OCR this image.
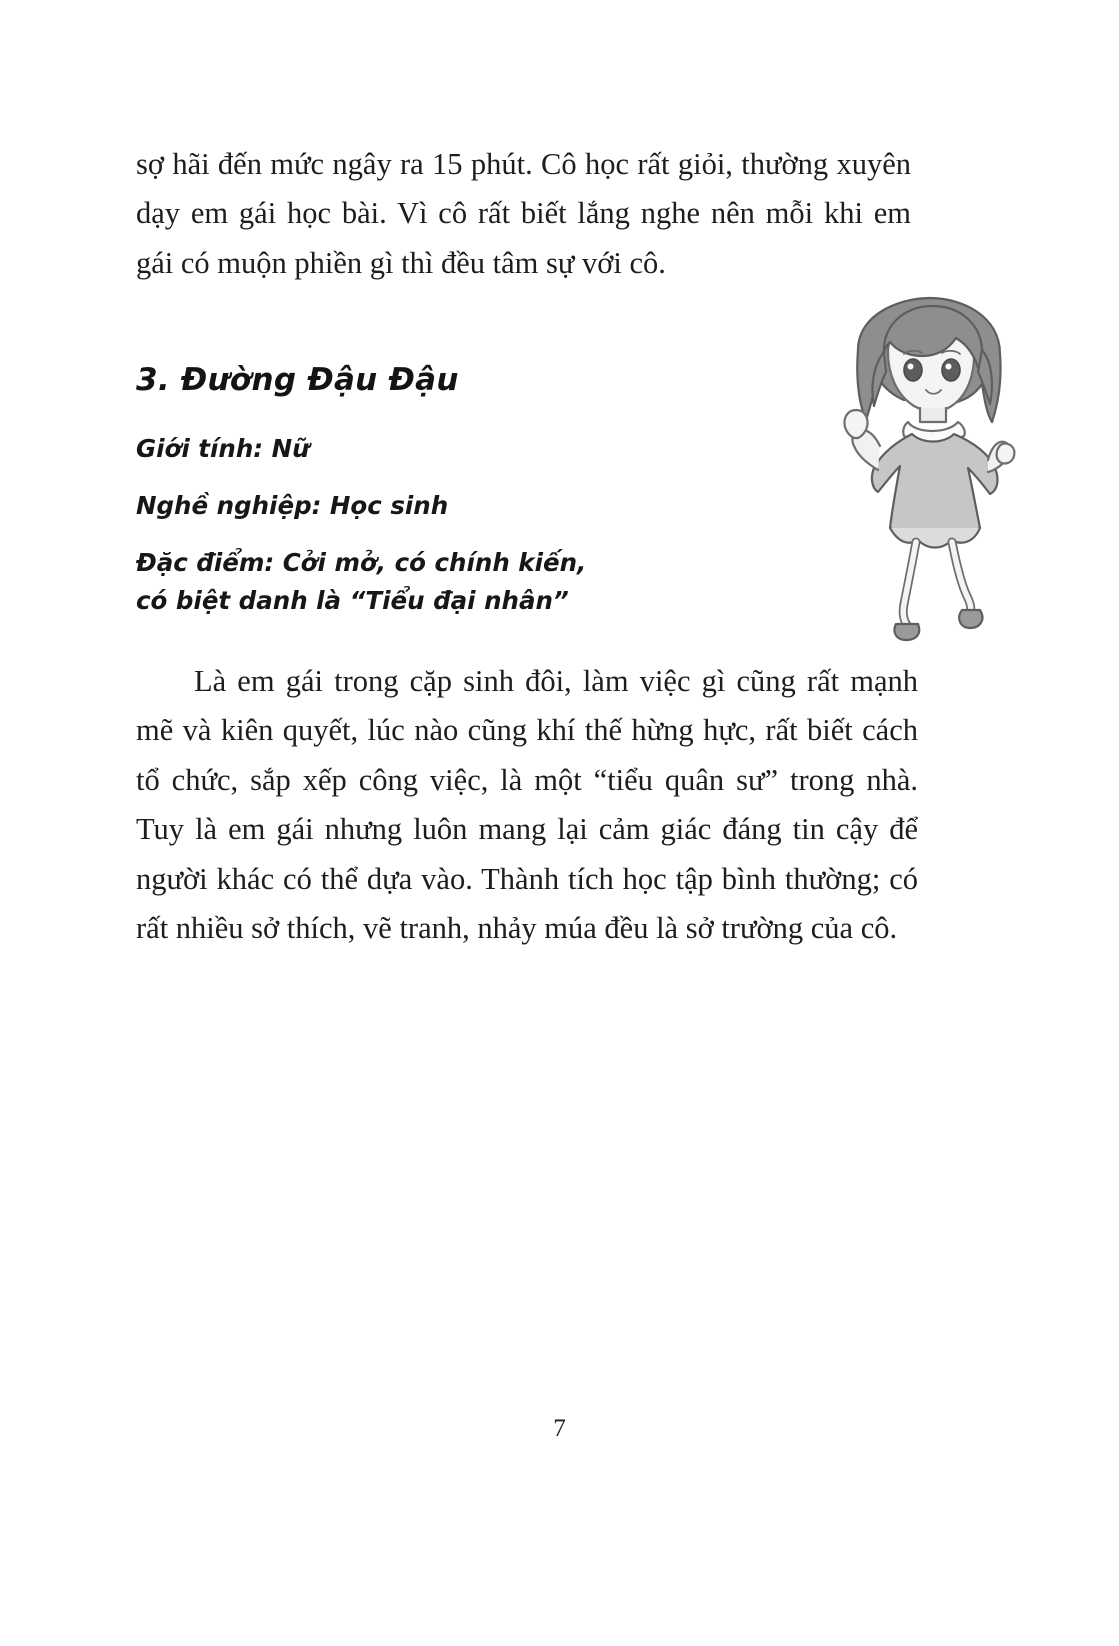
sợ hãi đến mức ngây ra 15 phút. Cô học rất giỏi, thường xuyên dạy em gái học bài. Vì cô rất biết lắng nghe nên mỗi khi em gái có muộn phiền gì thì đều tâm sự với cô.

3. Đường Đậu Đậu

Giới tính: Nữ

Nghề nghiệp: Học sinh

Đặc điểm: Cởi mở, có chính kiến,

có biệt danh là “Tiểu đại nhân”

Là em gái trong cặp sinh đôi, làm việc gì cũng rất mạnh mẽ và kiên quyết, lúc nào cũng khí thế hừng hực, rất biết cách tổ chức, sắp xếp công việc, là một “tiểu quân sư” trong nhà. Tuy là em gái nhưng luôn mang lại cảm giác đáng tin cậy để người khác có thể dựa vào. Thành tích học tập bình thường; có rất nhiều sở thích, vẽ tranh, nhảy múa đều là sở trường của cô.

7
